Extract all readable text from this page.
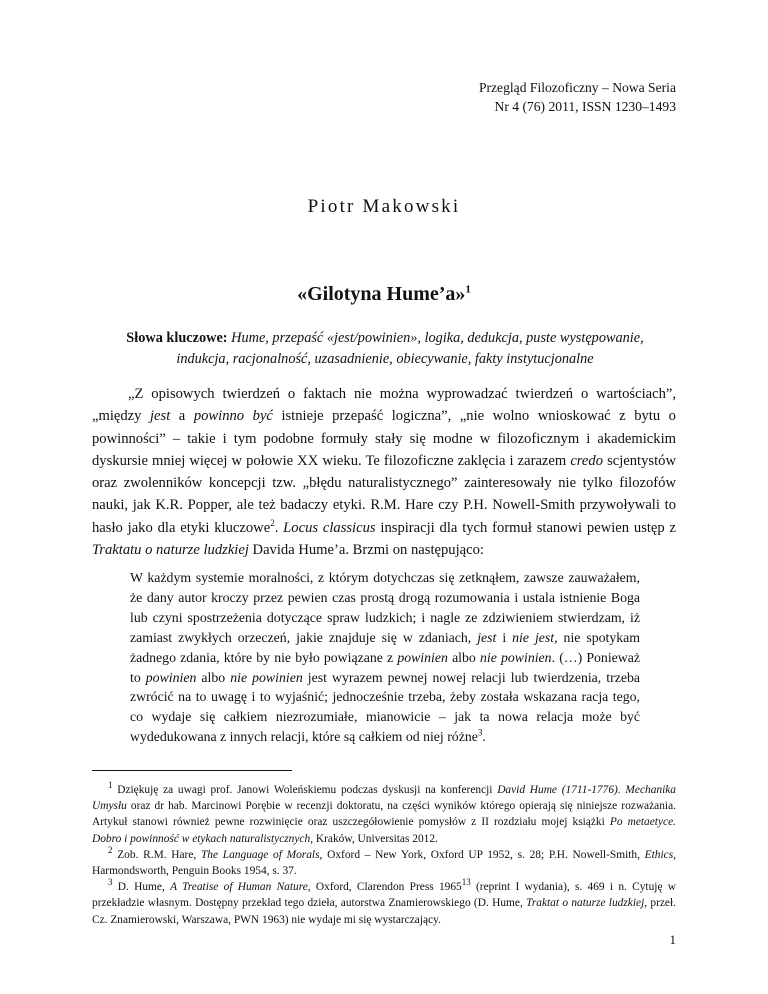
Przegląd Filozoficzny – Nowa Seria
Nr 4 (76) 2011, ISSN 1230–1493
Piotr Makowski
«Gilotyna Hume’a»$^1$
Słowa kluczowe: Hume, przepaść «jest/powinien», logika, dedukcja, puste występowanie, indukcja, racjonalność, uzasadnienie, obiecywanie, fakty instytucjonalne
„Z opisowych twierdzeń o faktach nie można wyprowadzać twierdzeń o wartościach”, „między jest a powinno być istnieje przepaść logiczna”, „nie wolno wnioskować z bytu o powinności” – takie i tym podobne formuły stały się modne w filozoficznym i akademickim dyskursie mniej więcej w połowie XX wieku. Te filozoficzne zaklęcia i zarazem credo scjentystów oraz zwolenników koncepcji tzw. „błędu naturalistycznego” zainteresowały nie tylko filozofów nauki, jak K.R. Popper, ale też badaczy etyki. R.M. Hare czy P.H. Nowell-Smith przywoływali to hasło jako dla etyki kluczowe$^2$. Locus classicus inspiracji dla tych formuł stanowi pewien ustęp z Traktatu o naturze ludzkiej Davida Hume’a. Brzmi on następująco:
W każdym systemie moralności, z którym dotychczas się zetknąłem, zawsze zauważałem, że dany autor kroczy przez pewien czas prostą drogą rozumowania i ustala istnienie Boga lub czyni spostrzeżenia dotyczące spraw ludzkich; i nagle ze zdziwieniem stwierdzam, iż zamiast zwykłych orzeczeń, jakie znajduje się w zdaniach, jest i nie jest, nie spotykam żadnego zdania, które by nie było powiązane z powinien albo nie powinien. (…) Ponieważ to powinien albo nie powinien jest wyrazem pewnej nowej relacji lub twierdzenia, trzeba zwrócić na to uwagę i to wyjaśnić; jednocześnie trzeba, żeby została wskazana racja tego, co wydaje się całkiem niezrozumiałe, mianowicie – jak ta nowa relacja może być wydedukowana z innych relacji, które są całkiem od niej różne$^3$.

$^1$ Dziękuję za uwagi prof. Janowi Woleńskiemu podczas dyskusji na konferencji David Hume (1711-1776). Mechanika Umysłu oraz dr hab. Marcinowi Porębie w recenzji doktoratu, na części wyników którego opierają się niniejsze rozważania. Artykuł stanowi również pewne rozwinięcie oraz uszczegółowienie pomysłów z II rozdziału mojej książki Po metaetyce. Dobro i powinność w etykach naturalistycznych, Kraków, Universitas 2012.

$^2$ Zob. R.M. Hare, The Language of Morals, Oxford – New York, Oxford UP 1952, s. 28; P.H. Nowell-Smith, Ethics, Harmondsworth, Penguin Books 1954, s. 37.

$^3$ D. Hume, A Treatise of Human Nature, Oxford, Clarendon Press 1965$^{13}$ (reprint I wydania), s. 469 i n. Cytuję w przekładzie własnym. Dostępny przekład tego dzieła, autorstwa Znamierowskiego (D. Hume, Traktat o naturze ludzkiej, przeł. Cz. Znamierowski, Warszawa, PWN 1963) nie wydaje mi się wystarczający.

1
